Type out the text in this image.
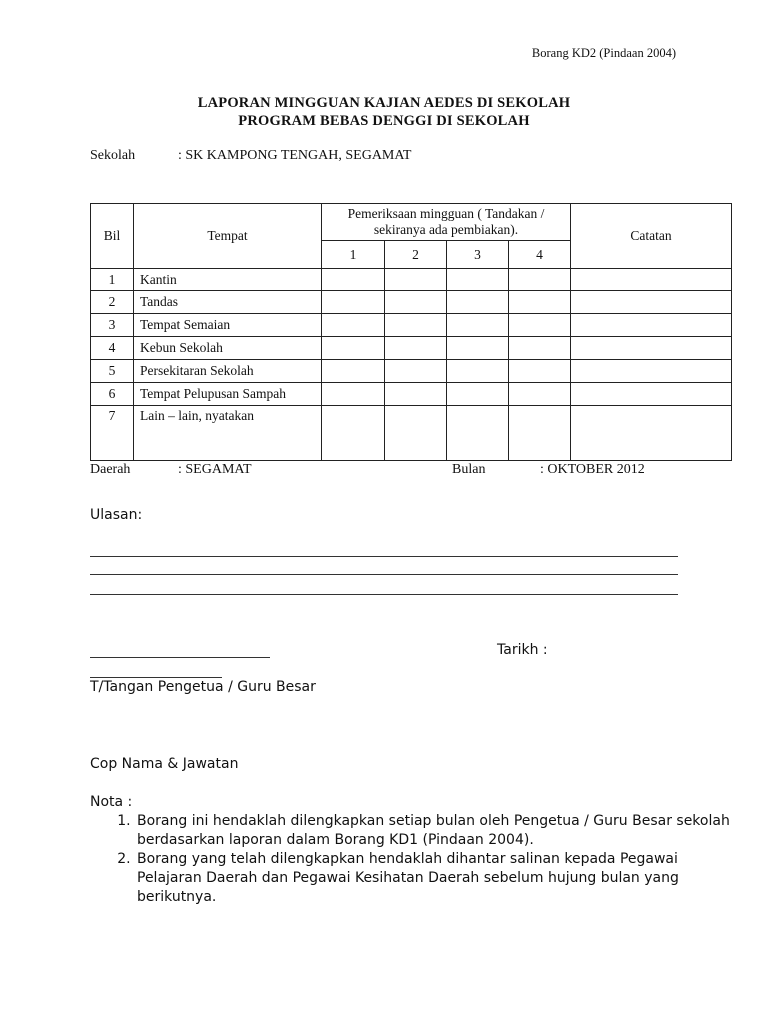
Borang KD2 (Pindaan 2004)
LAPORAN MINGGUAN KAJIAN AEDES DI SEKOLAH
PROGRAM BEBAS DENGGI DI SEKOLAH
Sekolah	: SK KAMPONG TENGAH, SEGAMAT
Bil	Tempat	Pemeriksaan mingguan ( Tandakan / sekiranya ada pembiakan).				Catatan
		1	2	3	4	
1	Kantin					
2	Tandas					
3	Tempat Semaian					
4	Kebun Sekolah					
5	Persekitaran Sekolah					
6	Tempat Pelupusan Sampah					
7	Lain – lain, nyatakan					
Daerah	: SEGAMAT	Bulan	: OKTOBER 2012
Ulasan:
Tarikh :
T/Tangan Pengetua / Guru Besar
Cop Nama & Jawatan
Nota :
1. Borang ini hendaklah dilengkapkan setiap bulan oleh Pengetua / Guru Besar sekolah berdasarkan laporan dalam Borang KD1 (Pindaan 2004).
2. Borang yang telah dilengkapkan hendaklah dihantar salinan kepada Pegawai Pelajaran Daerah dan Pegawai Kesihatan Daerah sebelum hujung bulan yang berikutnya.
